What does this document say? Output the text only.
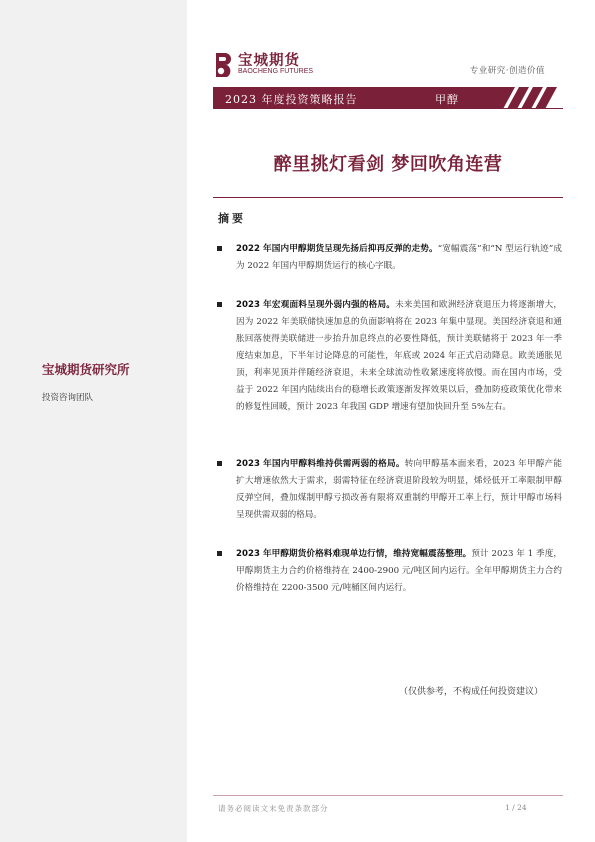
宝城期货研究所
投资咨询团队
宝城期货
BAOCHENG FUTURES	专业研究·创造价值
2023 年度投资策略报告	甲醇
醉里挑灯看剑 梦回吹角连营
摘要
2022 年国内甲醇期货呈现先扬后抑再反弹的走势。“宽幅震荡”和“N 型运行轨迹”成为 2022 年国内甲醇期货运行的核心字眼。
2023 年宏观面料呈现外弱内强的格局。未来美国和欧洲经济衰退压力将逐渐增大，因为 2022 年美联储快速加息的负面影响将在 2023 年集中显现。美国经济衰退和通胀回落使得美联储进一步抬升加息终点的必要性降低，预计美联储将于 2023 年一季度结束加息，下半年讨论降息的可能性，年底或 2024 年正式启动降息。欧美通胀见顶，利率见顶并伴随经济衰退，未来全球流动性收紧速度将放慢。而在国内市场，受益于 2022 年国内陆续出台的稳增长政策逐渐发挥效果以后，叠加防疫政策优化带来的修复性回暖，预计 2023 年我国 GDP 增速有望加快回升至 5%左右。
2023 年国内甲醇料维持供需两弱的格局。转向甲醇基本面来看，2023 年甲醇产能扩大增速依然大于需求，弱需特征在经济衰退阶段较为明显，烯烃低开工率限制甲醇反弹空间，叠加煤制甲醇亏损改善有限将双重制约甲醇开工率上行，预计甲醇市场料呈现供需双弱的格局。
2023 年甲醇期货价格料难现单边行情，维持宽幅震荡整理。预计 2023 年 1 季度，甲醇期货主力合约价格维持在 2400-2900 元/吨区间内运行。全年甲醇期货主力合约价格维持在 2200-3500 元/吨桶区间内运行。
（仅供参考，不构成任何投资建议）
请务必阅读文末免责条款部分	1 / 24
